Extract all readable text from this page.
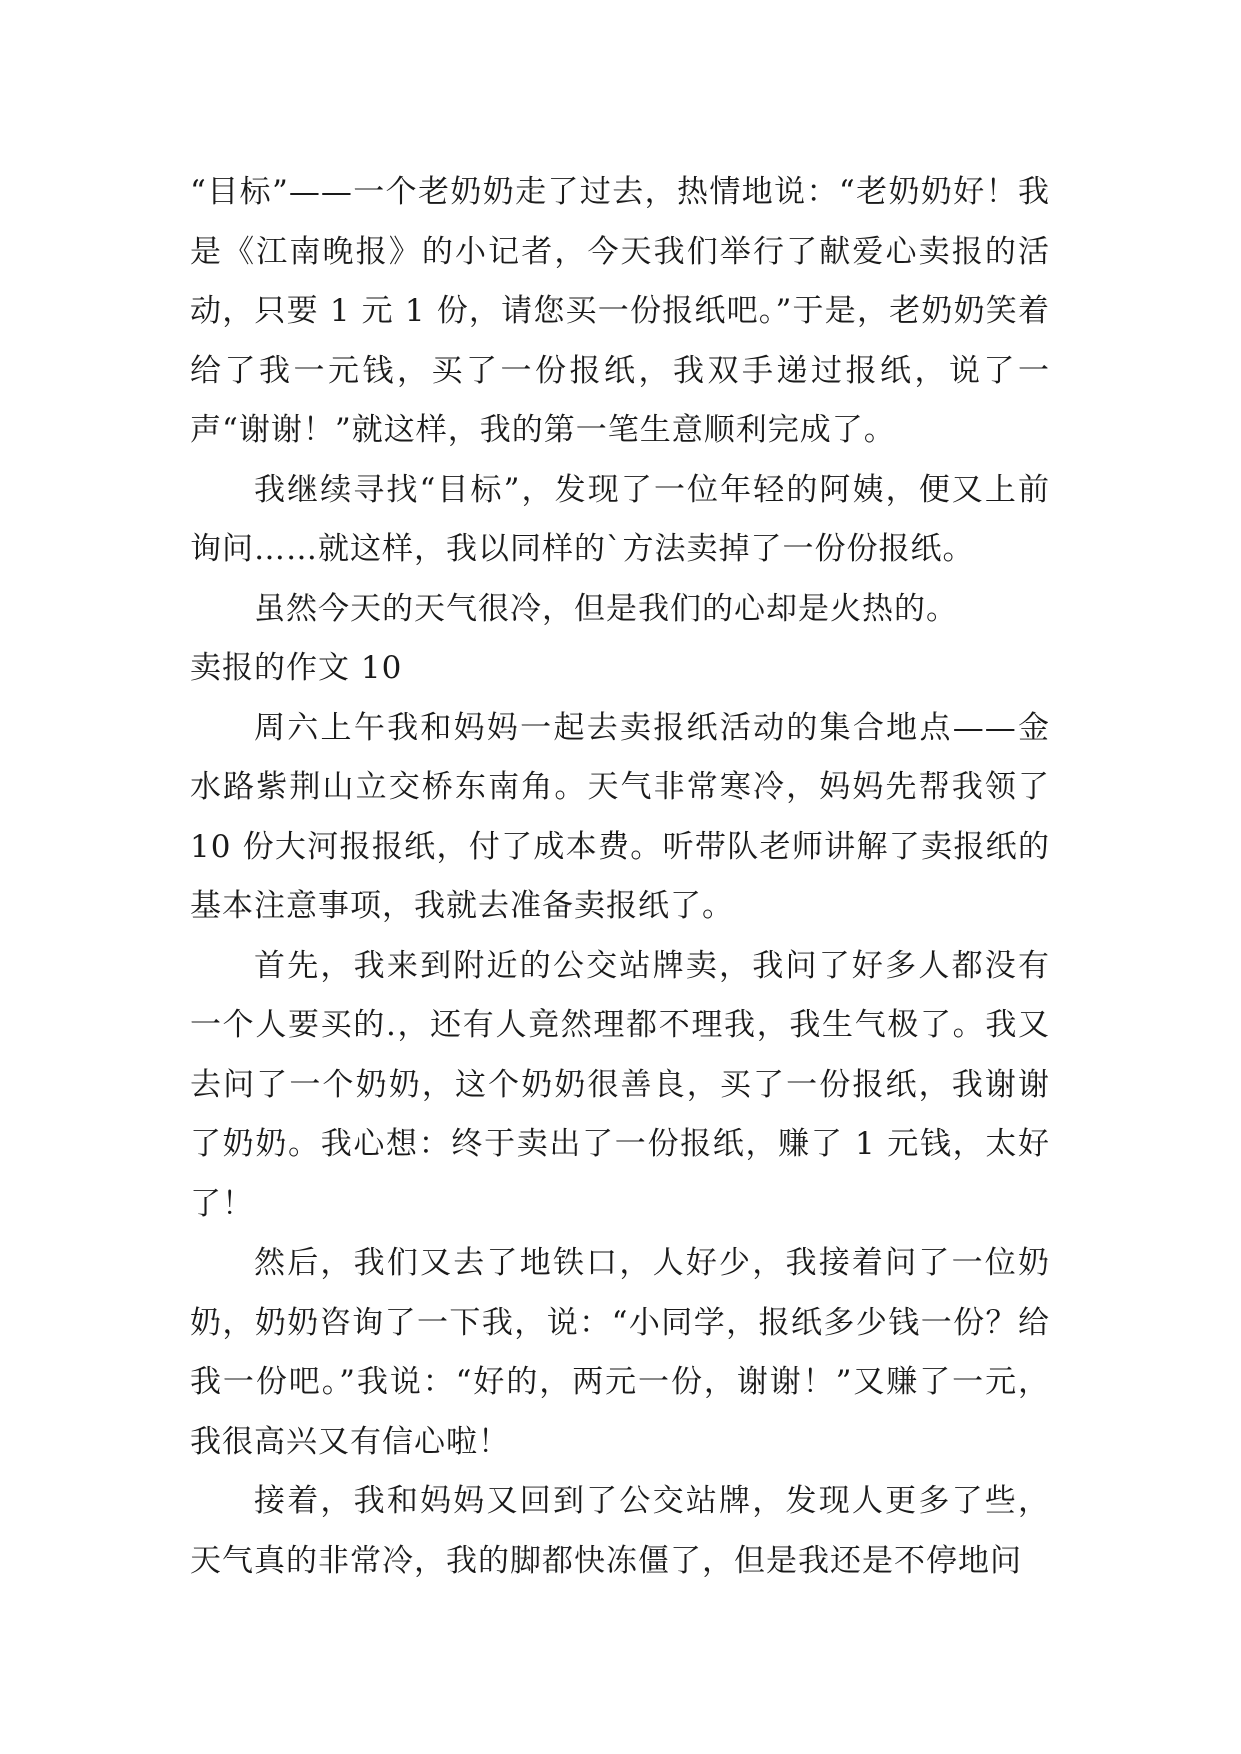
“目标”——一个老奶奶走了过去，热情地说：“老奶奶好！我是《江南晚报》的小记者，今天我们举行了献爱心卖报的活动，只要 1 元 1 份，请您买一份报纸吧。”于是，老奶奶笑着给了我一元钱，买了一份报纸，我双手递过报纸，说了一声“谢谢！”就这样，我的第一笔生意顺利完成了。

我继续寻找“目标”，发现了一位年轻的阿姨，便又上前询问……就这样，我以同样的`方法卖掉了一份份报纸。

虽然今天的天气很冷，但是我们的心却是火热的。

卖报的作文 10

周六上午我和妈妈一起去卖报纸活动的集合地点——金水路紫荆山立交桥东南角。天气非常寒冷，妈妈先帮我领了 10 份大河报报纸，付了成本费。听带队老师讲解了卖报纸的基本注意事项，我就去准备卖报纸了。

首先，我来到附近的公交站牌卖，我问了好多人都没有一个人要买的.，还有人竟然理都不理我，我生气极了。我又去问了一个奶奶，这个奶奶很善良，买了一份报纸，我谢谢了奶奶。我心想：终于卖出了一份报纸，赚了 1 元钱，太好了！

然后，我们又去了地铁口，人好少，我接着问了一位奶奶，奶奶咨询了一下我，说：“小同学，报纸多少钱一份？给我一份吧。”我说：“好的，两元一份，谢谢！”又赚了一元，我很高兴又有信心啦！

接着，我和妈妈又回到了公交站牌，发现人更多了些，天气真的非常冷，我的脚都快冻僵了，但是我还是不停地问
